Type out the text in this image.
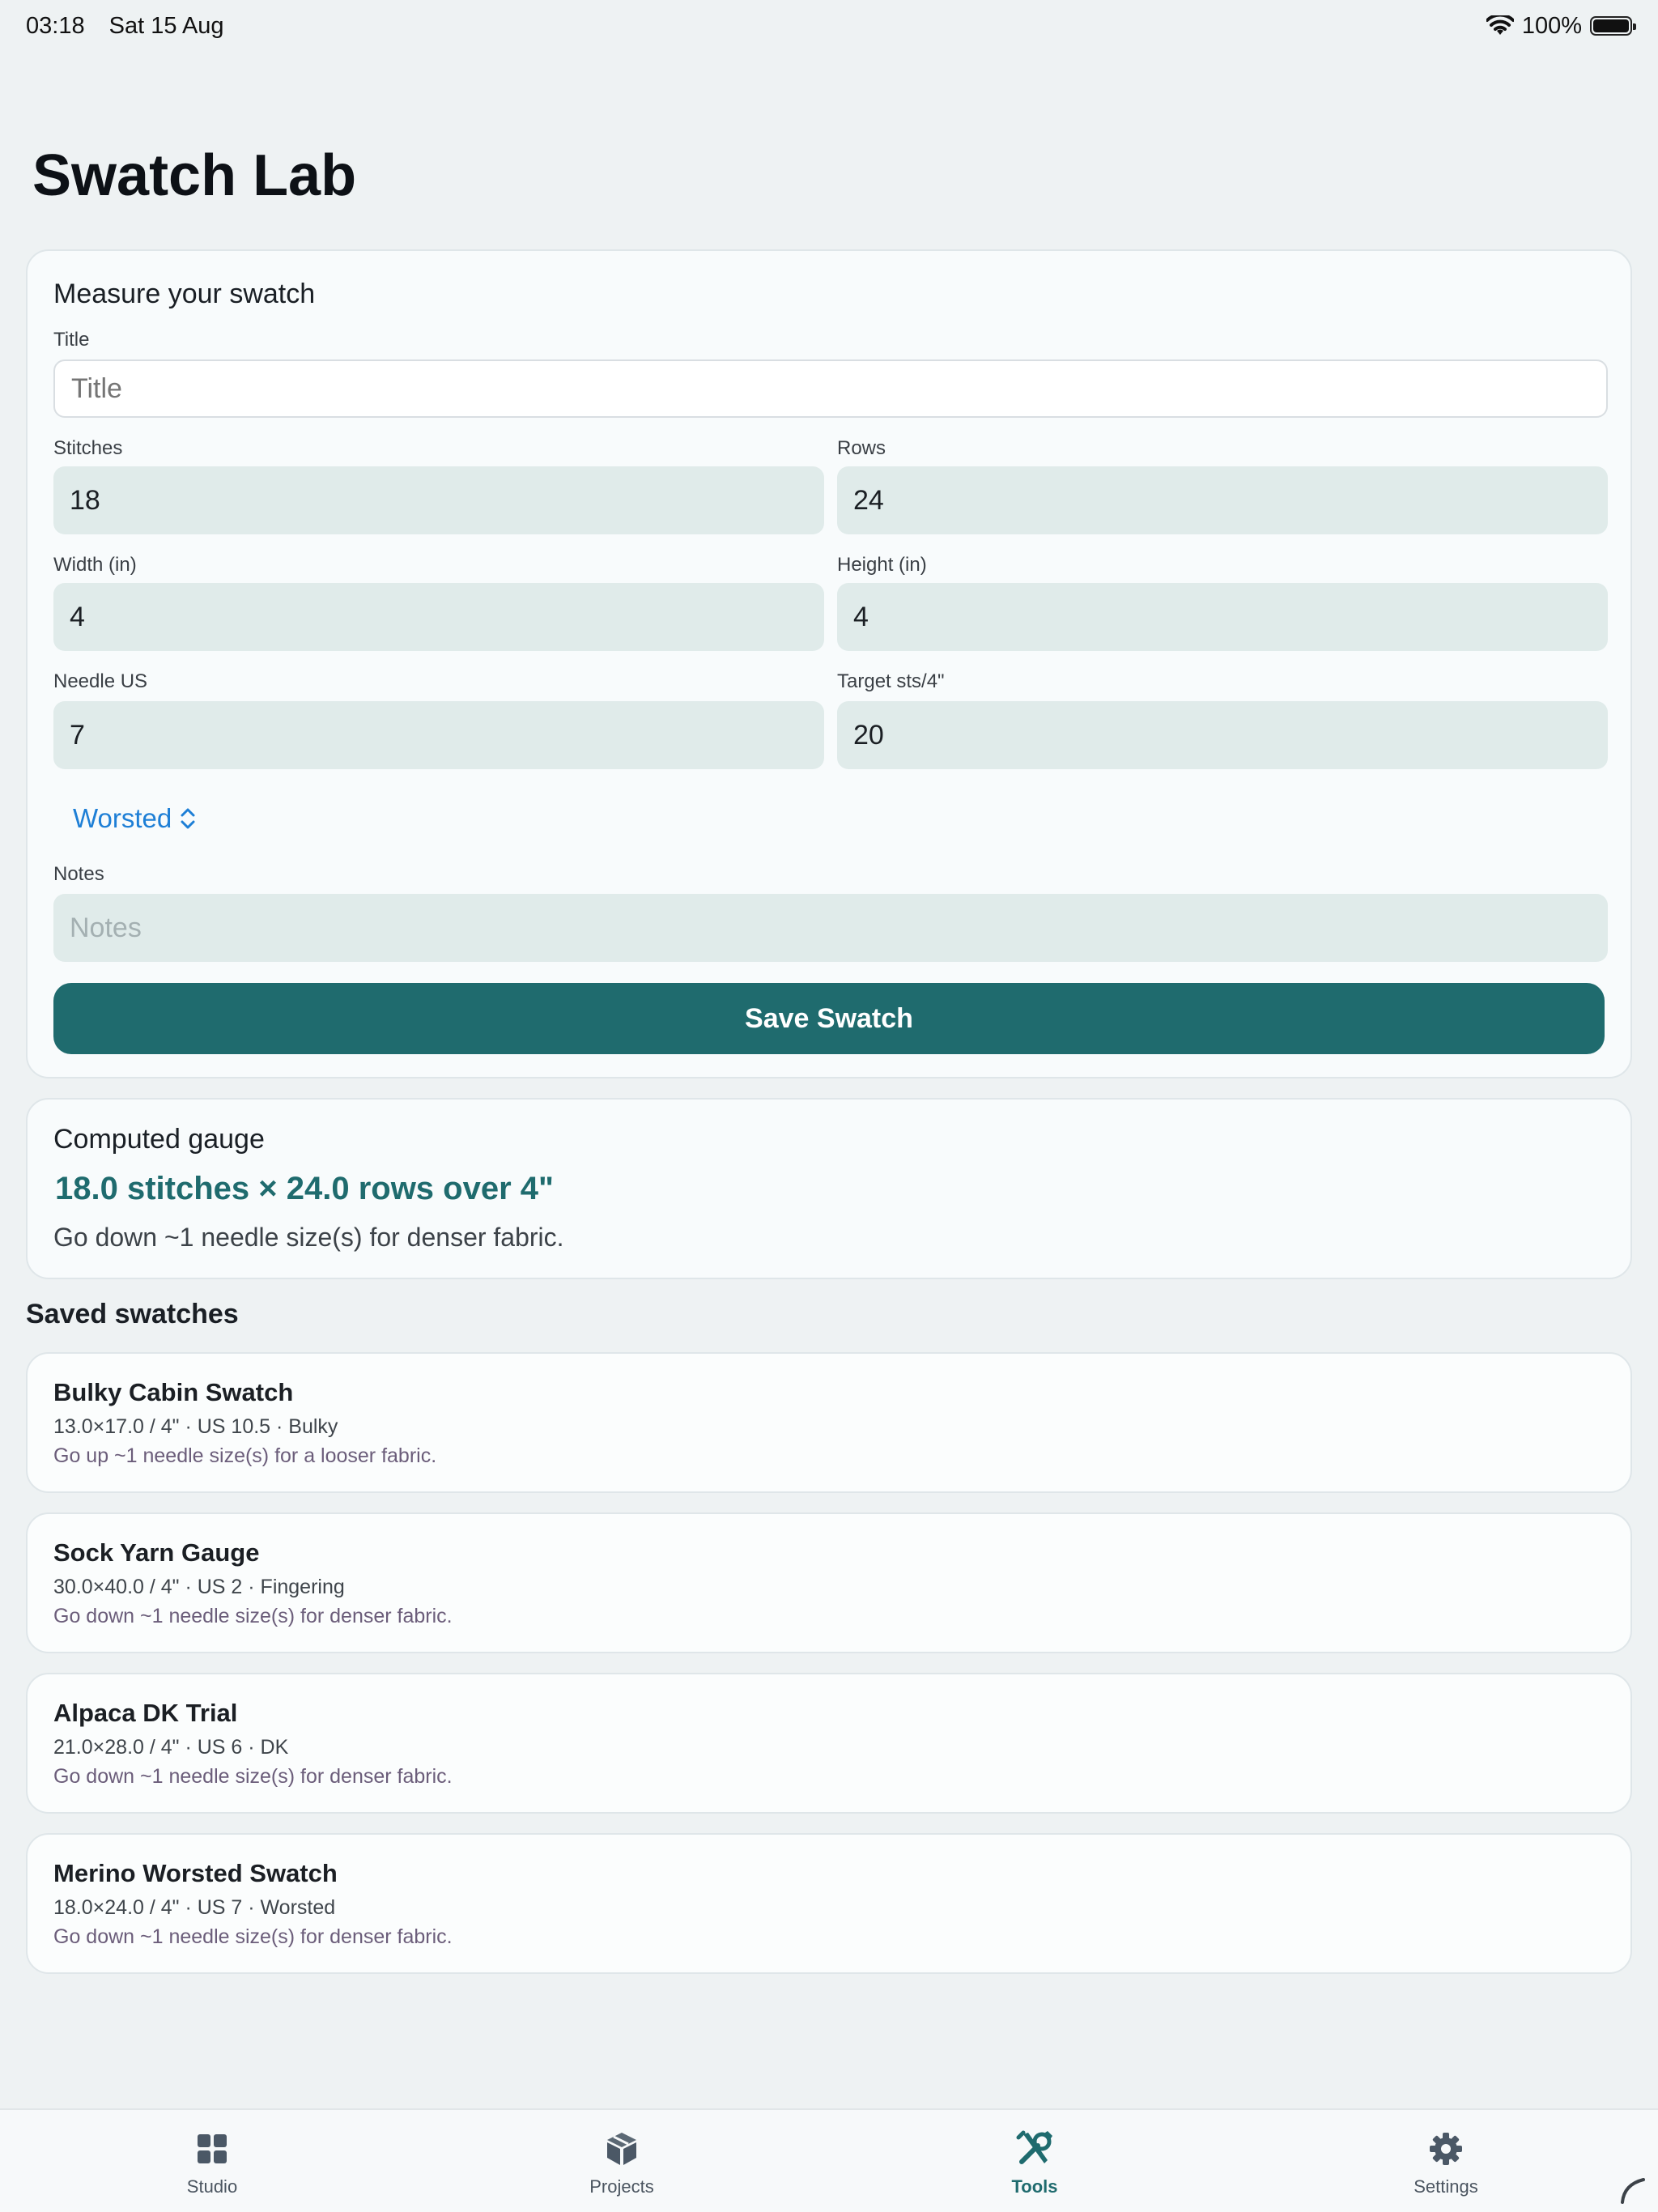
03:18 Sat 15 Aug	100%
Swatch Lab
Measure your swatch
Title
Title
Stitches
18
Rows
24
Width (in)
4
Height (in)
4
Needle US
7
Target sts/4"
20
Worsted
Notes
Notes
Save Swatch
Computed gauge
18.0 stitches × 24.0 rows over 4"
Go down ~1 needle size(s) for denser fabric.
Saved swatches
Bulky Cabin Swatch
13.0×17.0 / 4" · US 10.5 · Bulky
Go up ~1 needle size(s) for a looser fabric.
Sock Yarn Gauge
30.0×40.0 / 4" · US 2 · Fingering
Go down ~1 needle size(s) for denser fabric.
Alpaca DK Trial
21.0×28.0 / 4" · US 6 · DK
Go down ~1 needle size(s) for denser fabric.
Merino Worsted Swatch
18.0×24.0 / 4" · US 7 · Worsted
Go down ~1 needle size(s) for denser fabric.
Studio	Projects	Tools	Settings
